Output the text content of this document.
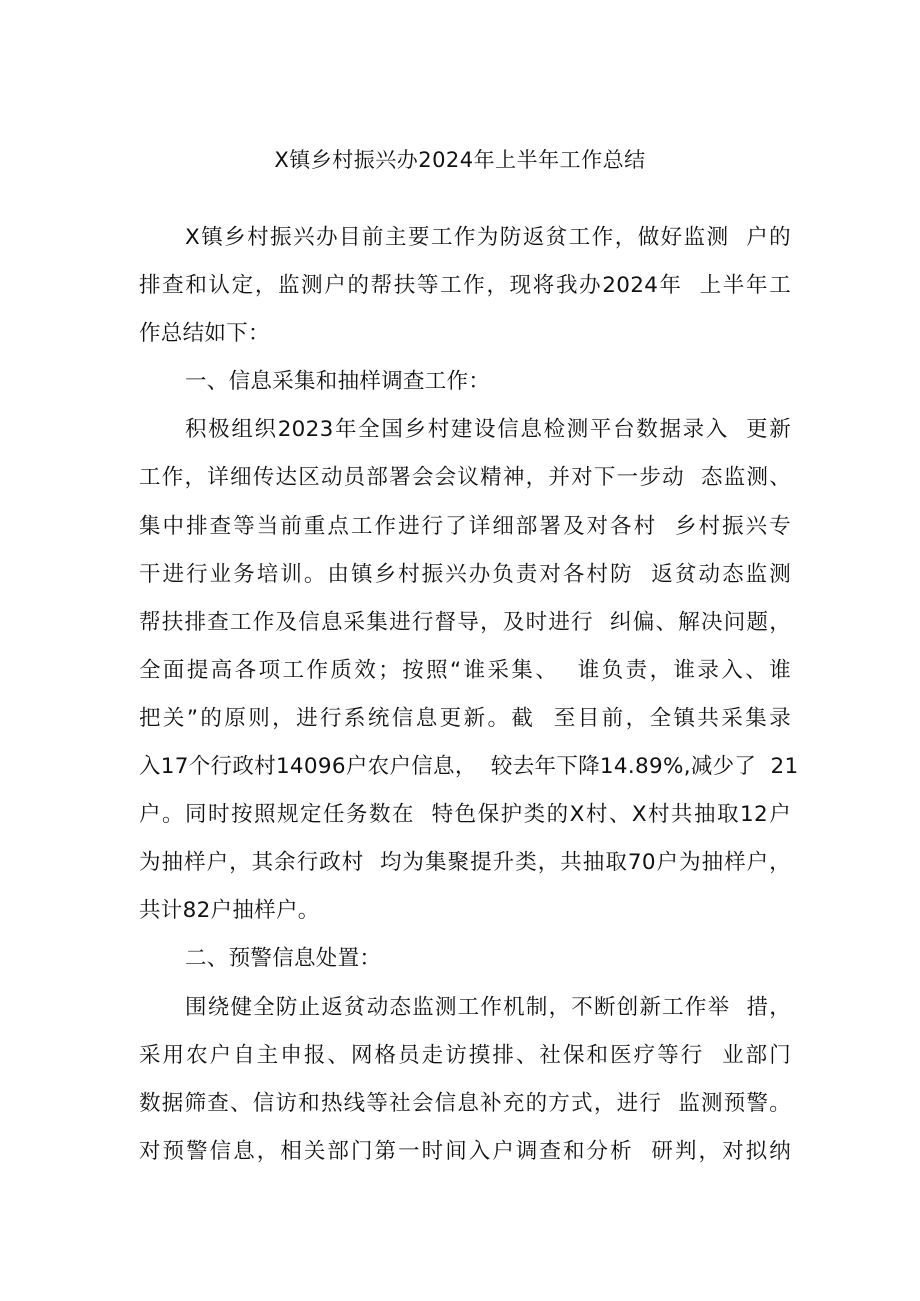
X镇乡村振兴办2024年上半年工作总结
X镇乡村振兴办目前主要工作为防返贫工作，做好监测  户的
排查和认定，监测户的帮扶等工作，现将我办2024年  上半年工
作总结如下：
一、信息采集和抽样调查工作：
积极组织2023年全国乡村建设信息检测平台数据录入  更新
工作，详细传达区动员部署会会议精神，并对下一步动  态监测、
集中排查等当前重点工作进行了详细部署及对各村  乡村振兴专
干进行业务培训。由镇乡村振兴办负责对各村防  返贫动态监测
帮扶排查工作及信息采集进行督导，及时进行  纠偏、解决问题，
全面提高各项工作质效；按照“谁采集、  谁负责，谁录入、谁
把关”的原则，进行系统信息更新。截  至目前，全镇共采集录
入17个行政村14096户农户信息，  较去年下降14.89%,减少了  21
户。同时按照规定任务数在  特色保护类的X村、X村共抽取12户
为抽样户，其余行政村  均为集聚提升类，共抽取70户为抽样户，
共计82户抽样户。
二、预警信息处置：
围绕健全防止返贫动态监测工作机制，不断创新工作举  措，
采用农户自主申报、网格员走访摸排、社保和医疗等行  业部门
数据筛查、信访和热线等社会信息补充的方式，进行  监测预警。
对预警信息，相关部门第一时间入户调查和分析  研判，对拟纳
